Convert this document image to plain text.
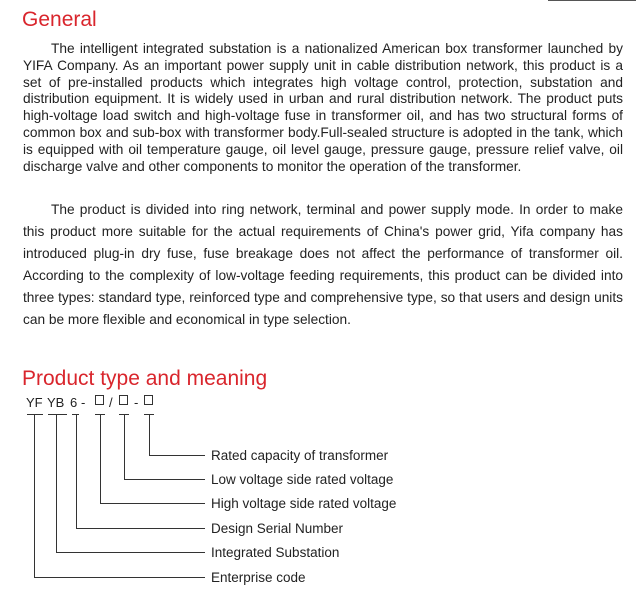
General

The intelligent integrated substation is a nationalized American box transformer launched by YIFA Company. As an important power supply unit in cable distribution network, this product is a set of pre-installed products which integrates high voltage control, protection, substation and distribution equipment. It is widely used in urban and rural distribution network. The product puts high-voltage load switch and high-voltage fuse in transformer oil, and has two structural forms of common box and sub-box with transformer body.Full-sealed structure is adopted in the tank, which is equipped with oil temperature gauge, oil level gauge, pressure gauge, pressure relief valve, oil discharge valve and other components to monitor the operation of the transformer.

The product is divided into ring network, terminal and power supply mode. In order to make this product more suitable for the actual requirements of China's power grid, Yifa company has introduced plug-in dry fuse, fuse breakage does not affect the performance of transformer oil. According to the complexity of low-voltage feeding requirements, this product can be divided into three types: standard type, reinforced type and comprehensive type, so that users and design units can be more flexible and economical in type selection.

Product type and meaning
YF YB 6 - / -
Rated capacity of transformer
Low voltage side rated voltage
High voltage side rated voltage
Design Serial Number
Integrated Substation
Enterprise code
